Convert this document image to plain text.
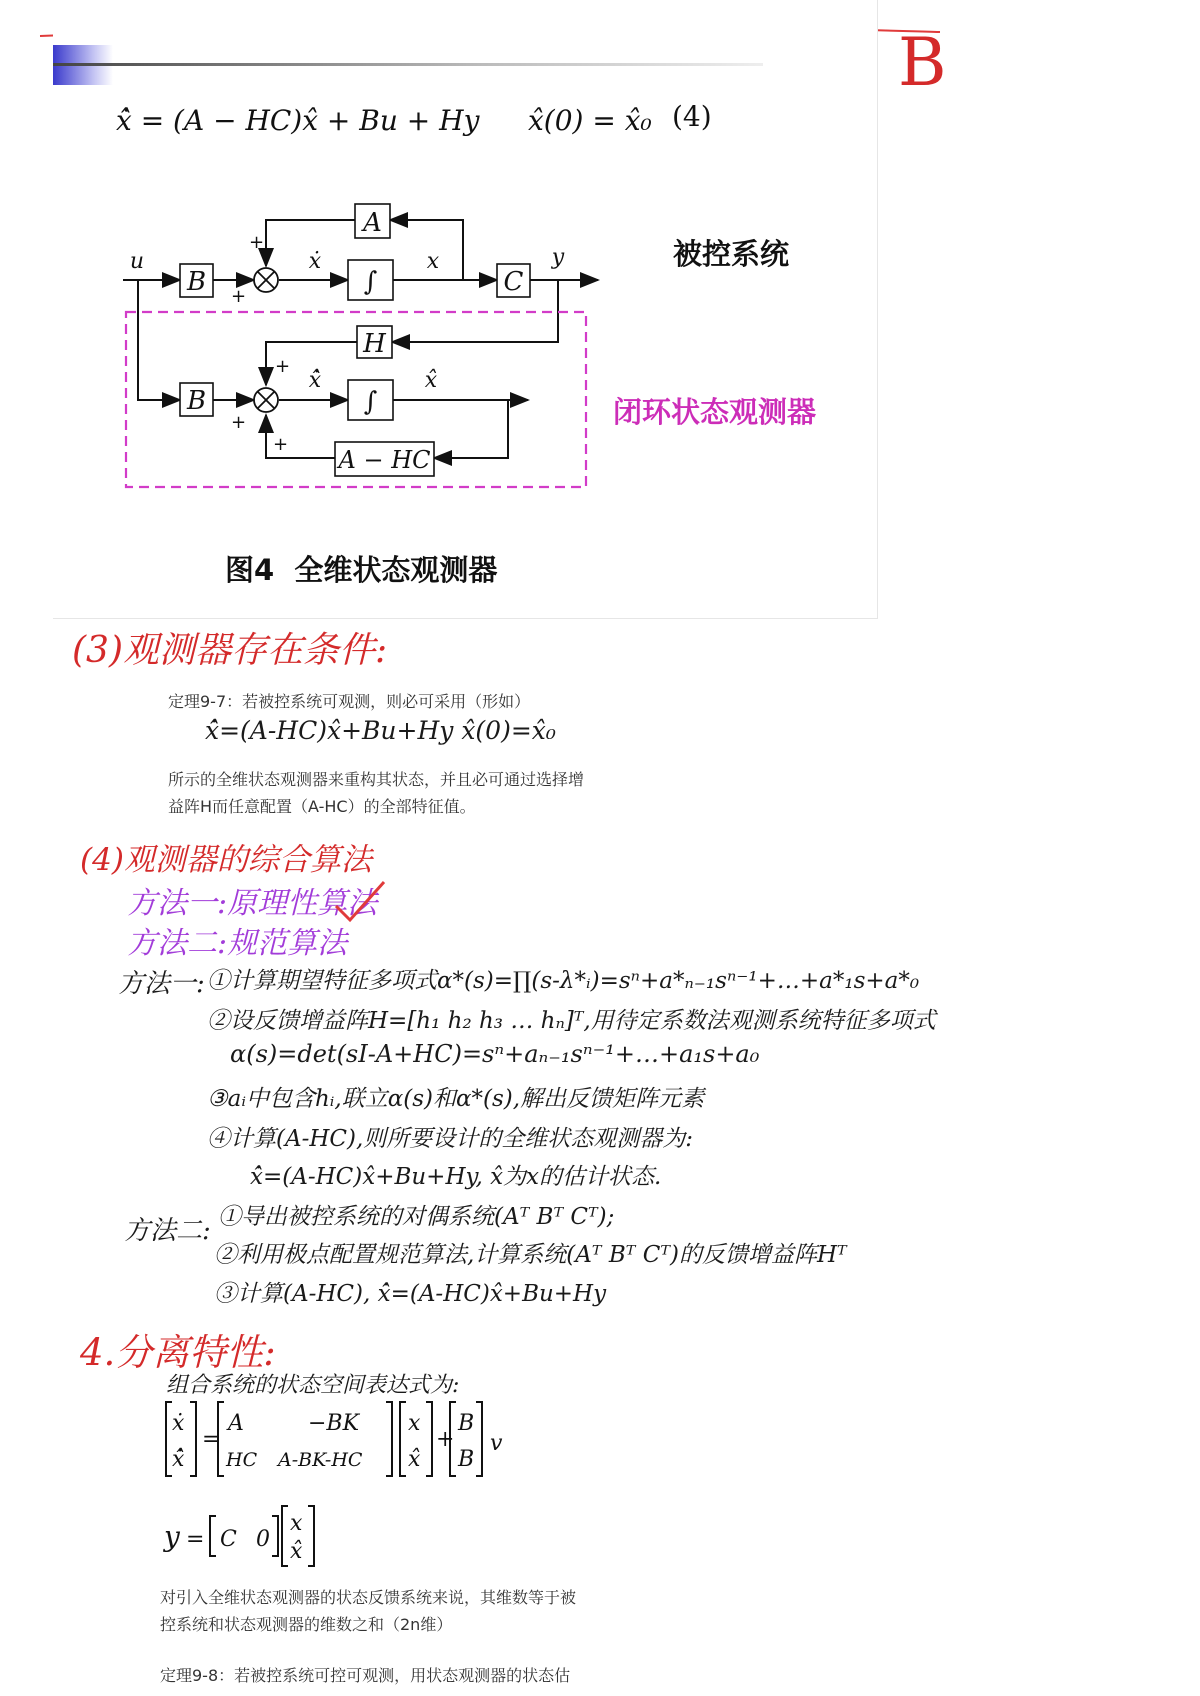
B
ẋ̂ = (A − HC)x̂ + Bu + Hy x̂(0) = x̂₀ (4)
B
A
C
H
B
A − HC
∫
∫
u	ẋ	x	y
ẋ̂	x̂
+
+
+
+
+
被控系统
闭环状态观测器
图4  全维状态观测器
(3)观测器存在条件:
定理9-7：若被控系统可观测，则必可采用（形如）
x̂̇=(A-HC)x̂+Bu+Hy x̂(0)=x̂₀
所示的全维状态观测器来重构其状态，并且必可通过选择增
益阵H而任意配置（A-HC）的全部特征值。
(4)观测器的综合算法
方法一:原理性算法
方法二:规范算法
方法一: ①计算期望特征多项式α*(s)=∏(s-λ*ᵢ)=sⁿ+a*ₙ₋₁sⁿ⁻¹+…+a*₁s+a*₀
②设反馈增益阵H=[h₁ h₂ h₃ … hₙ]ᵀ,用待定系数法观测系统特征多项式
α(s)=det(sI-A+HC)=sⁿ+aₙ₋₁sⁿ⁻¹+…+a₁s+a₀
③aᵢ中包含hᵢ,联立α(s)和α*(s),解出反馈矩阵元素
④计算(A-HC),则所要设计的全维状态观测器为:
x̂̇=(A-HC)x̂+Bu+Hy, x̂为x的估计状态.
方法二: ①导出被控系统的对偶系统(Aᵀ Bᵀ Cᵀ);
②利用极点配置规范算法,计算系统(Aᵀ Bᵀ Cᵀ)的反馈增益阵Hᵀ
③计算(A-HC), x̂̇=(A-HC)x̂+Bu+Hy
4.分离特性:
组合系统的状态空间表达式为:
ẋ
x̂̇
=
A	−BK
HC A-BK-HC
x
x̂
+
B
B
v
y = C 0
x
x̂
对引入全维状态观测器的状态反馈系统来说，其维数等于被
控系统和状态观测器的维数之和（2n维）
定理9-8：若被控系统可控可观测，用状态观测器的状态估
